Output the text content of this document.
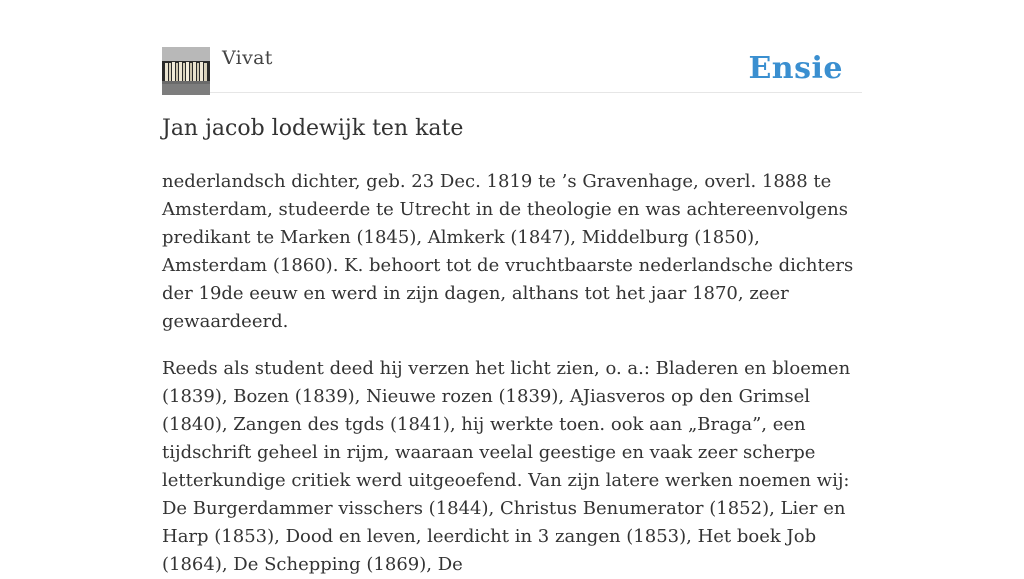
Vivat	Ensie
Jan jacob lodewijk ten kate

nederlandsch dichter, geb. 23 Dec. 1819 te ’s Gravenhage, overl. 1888 te Amsterdam, studeerde te Utrecht in de theologie en was achtereenvolgens predikant te Marken (1845), Almkerk (1847), Middelburg (1850), Amsterdam (1860). K. behoort tot de vruchtbaarste nederlandsche dichters der 19de eeuw en werd in zijn dagen, althans tot het jaar 1870, zeer gewaardeerd.

Reeds als student deed hij verzen het licht zien, o. a.: Bladeren en bloemen (1839), Bozen (1839), Nieuwe rozen (1839), AJiasveros op den Grimsel (1840), Zangen des tgds (1841), hij werkte toen. ook aan „Braga”, een tijdschrift geheel in rijm, waaraan veelal geestige en vaak zeer scherpe letterkundige critiek werd uitgeoefend. Van zijn latere werken noemen wij: De Burgerdammer visschers (1844), Christus Benumerator (1852), Lier en Harp (1853), Dood en leven, leerdicht in 3 zangen (1853), Het boek Job (1864), De Schepping (1869), De
